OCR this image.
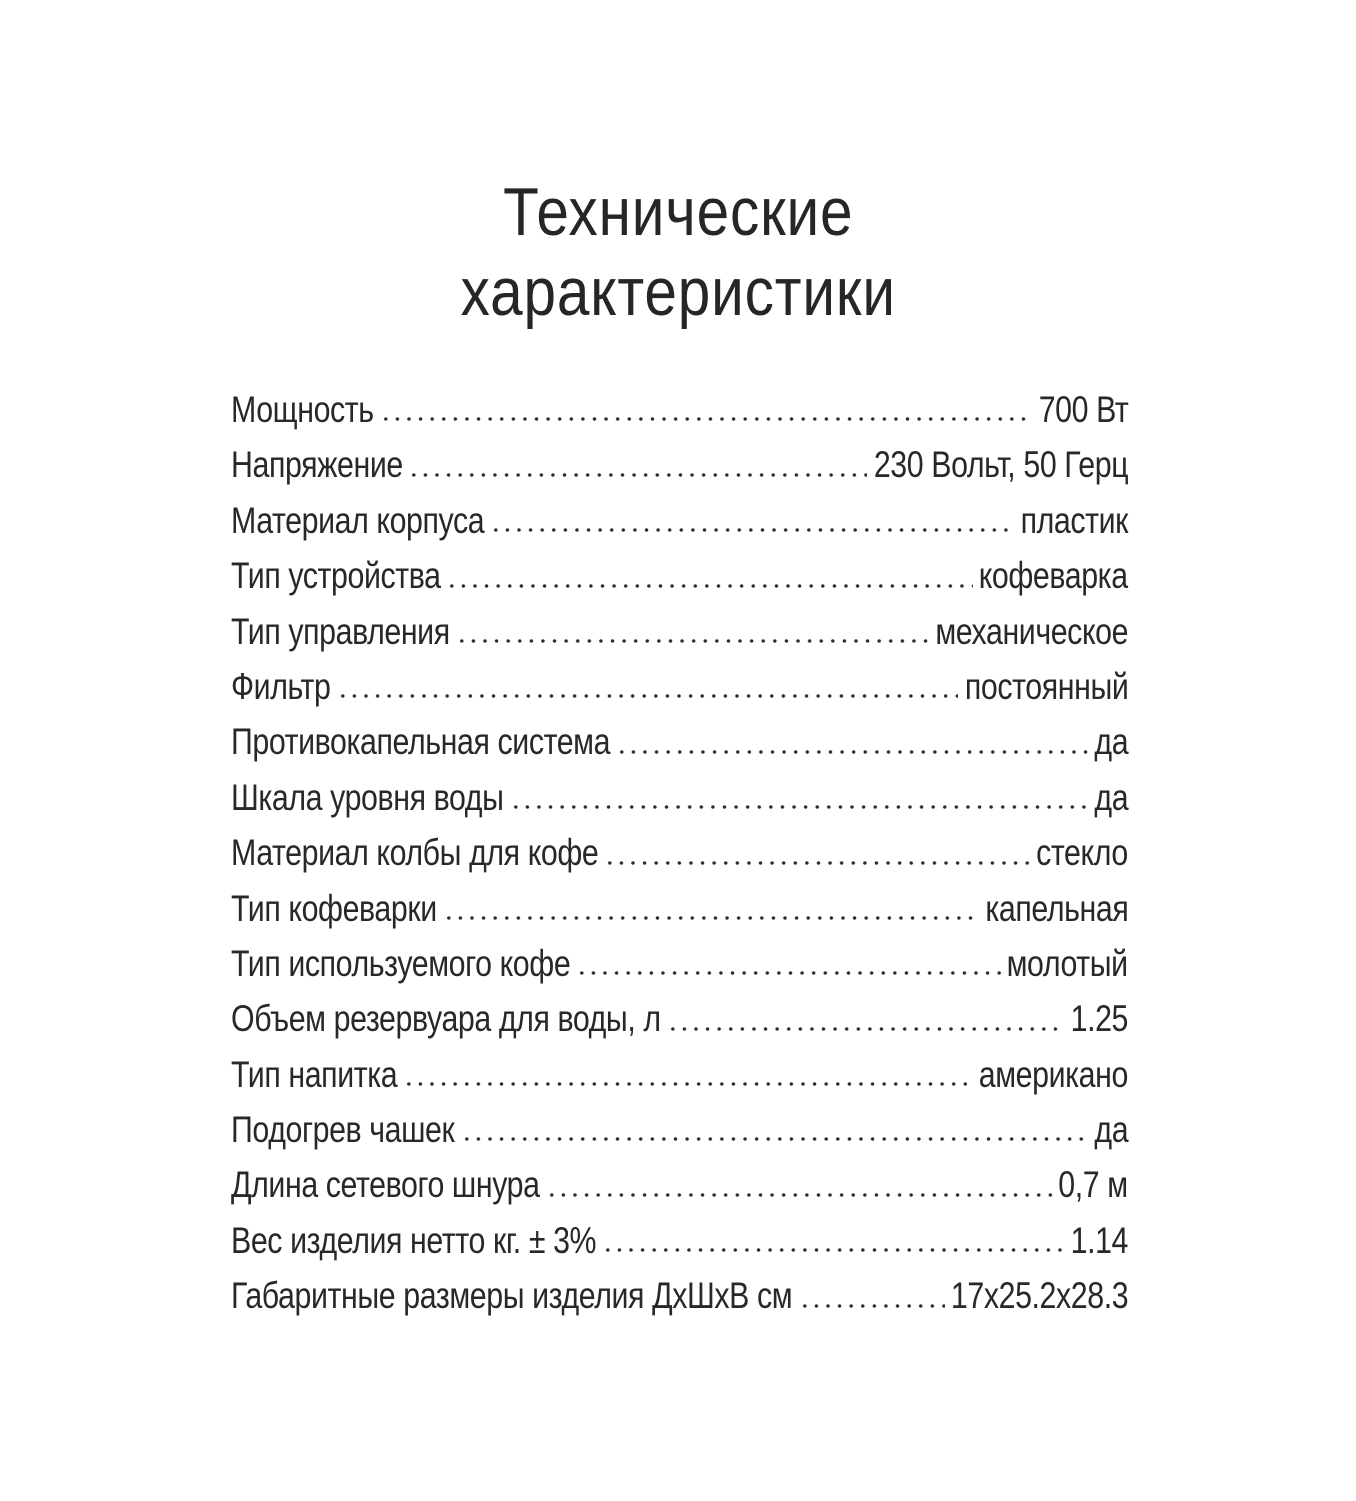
Технические
характеристики
Мощность	700 Вт
Напряжение	230 Вольт, 50 Герц
Материал корпуса	пластик
Тип устройства	кофеварка
Тип управления	механическое
Фильтр	постоянный
Противокапельная система	да
Шкала уровня воды	да
Материал колбы для кофе	стекло
Тип кофеварки	капельная
Тип используемого кофе	молотый
Объем резервуара для воды, л	1.25
Тип напитка	американо
Подогрев чашек	да
Длина сетевого шнура	0,7 м
Вес изделия нетто кг. ± 3%	1.14
Габаритные размеры изделия ДхШхВ см	17х25.2х28.3
